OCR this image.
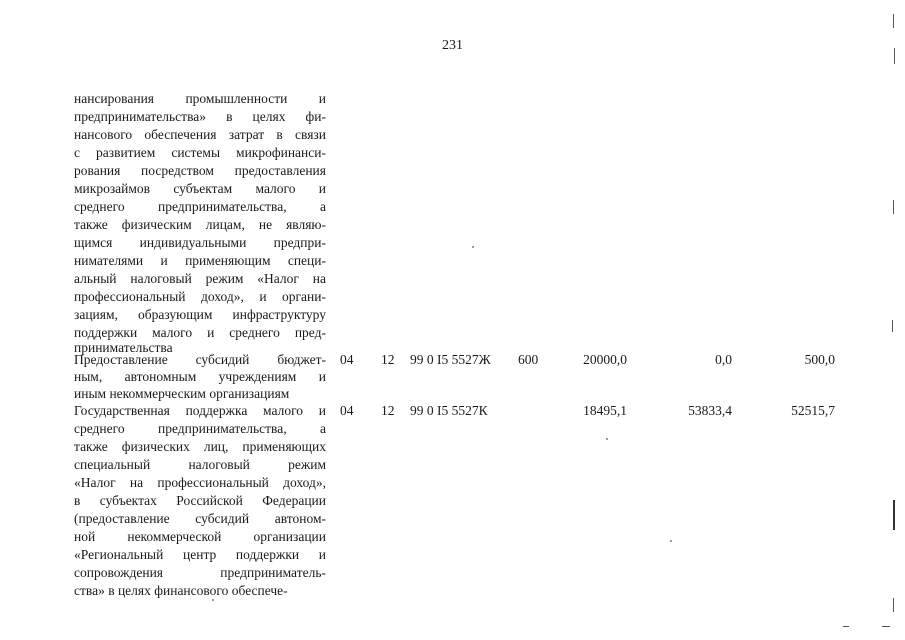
231
нансирования промышленности и
предпринимательства» в целях фи-
нансового обеспечения затрат в связи
с развитием системы микрофинанси-
рования посредством предоставления
микрозаймов субъектам малого и
среднего предпринимательства, а
также физическим лицам, не являю-
щимся индивидуальными предпри-
нимателями и применяющим специ-
альный налоговый режим «Налог на
профессиональный доход», и органи-
зациям, образующим инфраструктуру
поддержки малого и среднего пред-
принимательства
Предоставление субсидий бюджет-
ным, автономным учреждениям и
иным некоммерческим организациям
04 12 99 0 I5 5527Ж 600	20000,0	0,0	500,0
Государственная поддержка малого и
среднего предпринимательства, а
также физических лиц, применяющих
специальный налоговый режим
«Налог на профессиональный доход»,
в субъектах Российской Федерации
(предоставление субсидий автоном-
ной некоммерческой организации
«Региональный центр поддержки и
сопровождения предприниматель-
ства» в целях финансового обеспече-
04 12 99 0 I5 5527К	18495,1	53833,4	52515,7
